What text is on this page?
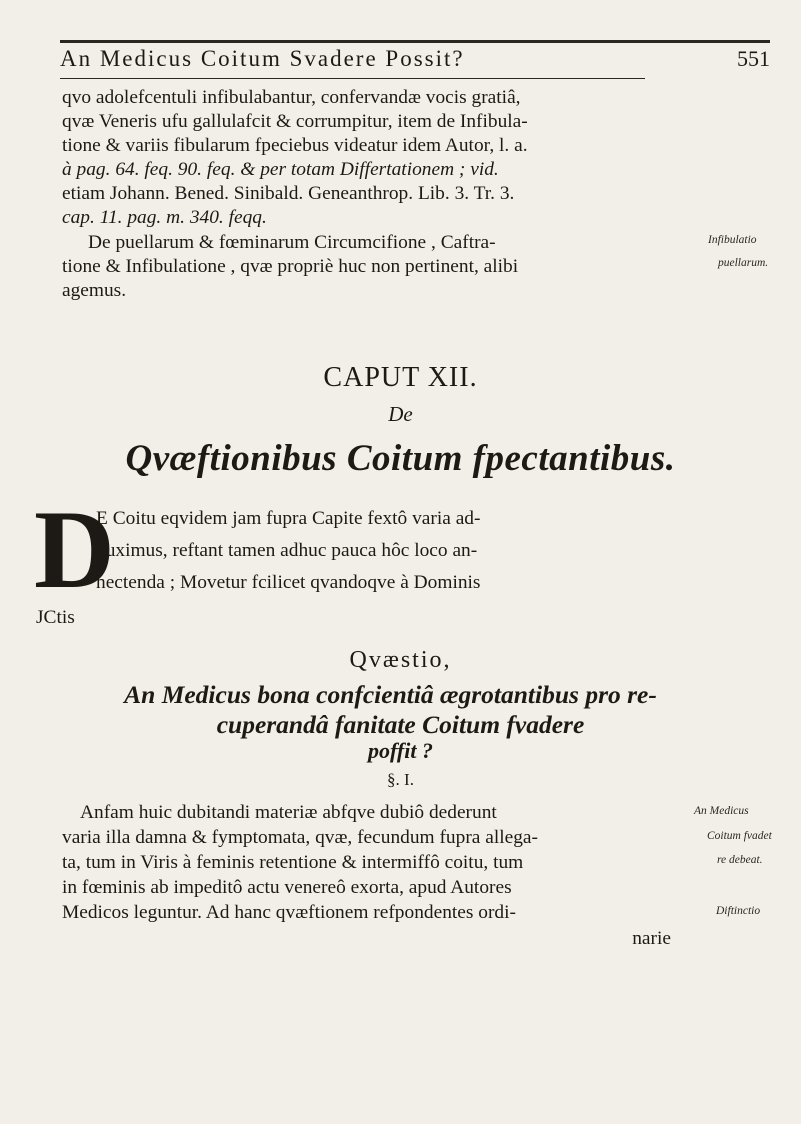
An Medicus Coitum Svadere Possit?	551
qvo adolefcentuli infibulabantur, confervandæ vocis gratiâ,
qvæ Veneris ufu gallulafcit & corrumpitur, item de Infibula-
tione & variis fibularum fpeciebus videatur idem Autor, l. a.
à pag. 64. feq. 90. feq. & per totam Differtationem ; vid.
etiam Johann. Bened. Sinibald. Geneanthrop. Lib. 3. Tr. 3.
cap. 11. pag. m. 340. feqq.
De puellarum & fœminarum Circumcifione , Caftra-
tione & Infibulatione , qvæ propriè huc non pertinent, alibi
agemus.
Infibulatio
puellarum.
CAPUT XII.
De
Qvæftionibus Coitum fpectantibus.
D
E Coitu eqvidem jam fupra Capite fextô varia ad-
duximus, reftant tamen adhuc pauca hôc loco an-
nectenda ; Movetur fcilicet qvandoqve à Dominis
JCtis
Qvæstio,
An Medicus bona confcientiâ ægrotantibus pro re-
cuperandâ fanitate Coitum fvadere
poffit ?
§. I.
Anfam huic dubitandi materiæ abfqve dubiô dederunt
varia illa damna & fymptomata, qvæ, fecundum fupra allega-
ta, tum in Viris à feminis retentione & intermiffô coitu, tum
in fœminis ab impeditô actu venereô exorta, apud Autores
Medicos leguntur. Ad hanc qvæftionem refpondentes ordi-
An Medicus
Coitum fvadet
re debeat.
Diftinctio
narie
